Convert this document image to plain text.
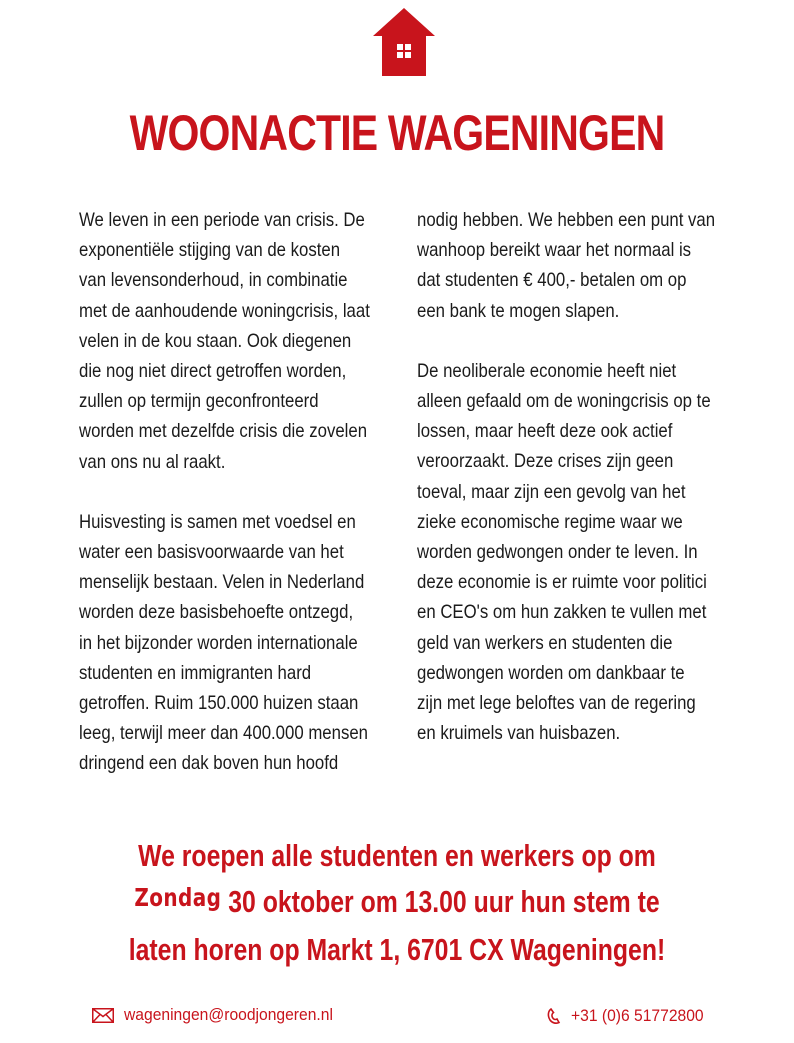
WOONACTIE WAGENINGEN

We leven in een periode van crisis. De
exponentiële stijging van de kosten
van levensonderhoud, in combinatie
met de aanhoudende woningcrisis, laat
velen in de kou staan. Ook diegenen
die nog niet direct getroffen worden,
zullen op termijn geconfronteerd
worden met dezelfde crisis die zovelen
van ons nu al raakt.

Huisvesting is samen met voedsel en
water een basisvoorwaarde van het
menselijk bestaan. Velen in Nederland
worden deze basisbehoefte ontzegd,
in het bijzonder worden internationale
studenten en immigranten hard
getroffen. Ruim 150.000 huizen staan
leeg, terwijl meer dan 400.000 mensen
dringend een dak boven hun hoofd

nodig hebben. We hebben een punt van
wanhoop bereikt waar het normaal is
dat studenten € 400,- betalen om op
een bank te mogen slapen.

De neoliberale economie heeft niet
alleen gefaald om de woningcrisis op te
lossen, maar heeft deze ook actief
veroorzaakt. Deze crises zijn geen
toeval, maar zijn een gevolg van het
zieke economische regime waar we
worden gedwongen onder te leven. In
deze economie is er ruimte voor politici
en CEO's om hun zakken te vullen met
geld van werkers en studenten die
gedwongen worden om dankbaar te
zijn met lege beloftes van de regering
en kruimels van huisbazen.

We roepen alle studenten en werkers op om
Zondag 30 oktober om 13.00 uur hun stem te
laten horen op Markt 1, 6701 CX Wageningen!
wageningen@roodjongeren.nl	+31 (0)6 51772800
